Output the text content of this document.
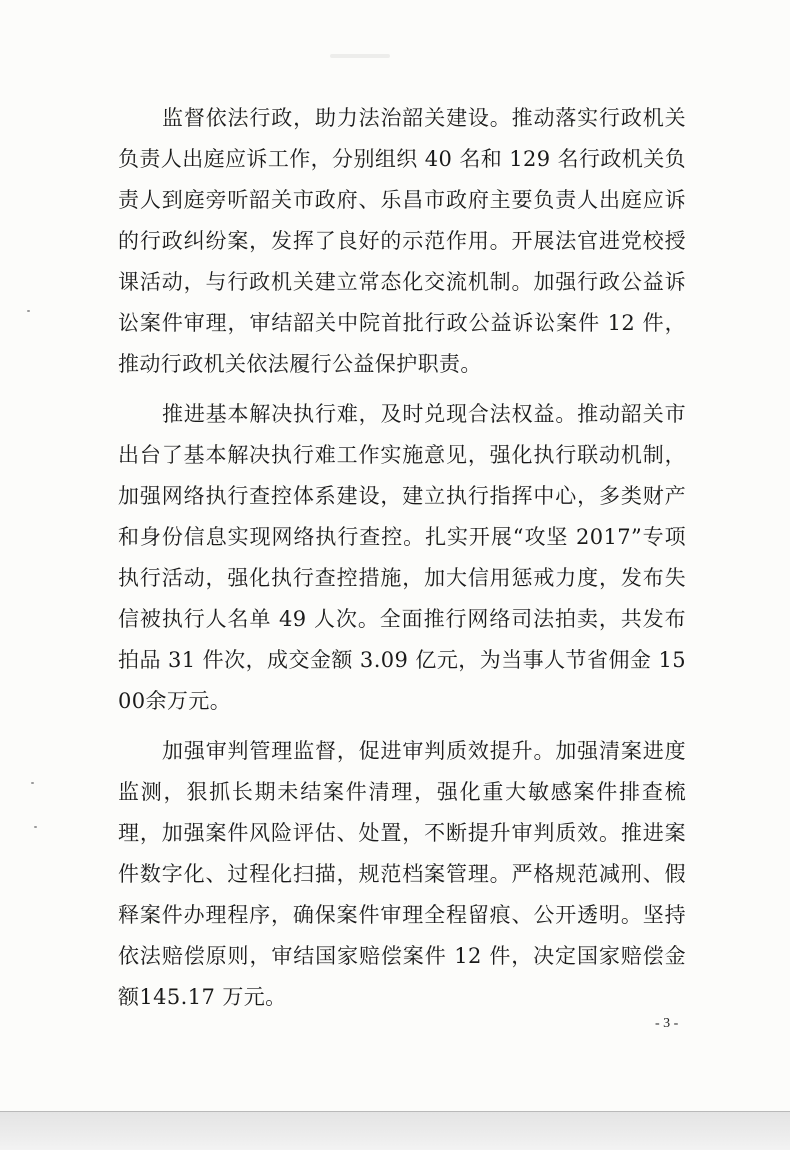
监督依法行政，助力法治韶关建设。推动落实行政机关负责人出庭应诉工作，分别组织 40 名和 129 名行政机关负责人到庭旁听韶关市政府、乐昌市政府主要负责人出庭应诉的行政纠纷案，发挥了良好的示范作用。开展法官进党校授课活动，与行政机关建立常态化交流机制。加强行政公益诉讼案件审理，审结韶关中院首批行政公益诉讼案件 12 件，推动行政机关依法履行公益保护职责。

推进基本解决执行难，及时兑现合法权益。推动韶关市出台了基本解决执行难工作实施意见，强化执行联动机制，加强网络执行查控体系建设，建立执行指挥中心，多类财产和身份信息实现网络执行查控。扎实开展“攻坚 2017”专项执行活动，强化执行查控措施，加大信用惩戒力度，发布失信被执行人名单 49 人次。全面推行网络司法拍卖，共发布拍品 31 件次，成交金额 3.09 亿元，为当事人节省佣金 1500余万元。

加强审判管理监督，促进审判质效提升。加强清案进度监测，狠抓长期未结案件清理，强化重大敏感案件排查梳理，加强案件风险评估、处置，不断提升审判质效。推进案件数字化、过程化扫描，规范档案管理。严格规范减刑、假释案件办理程序，确保案件审理全程留痕、公开透明。坚持依法赔偿原则，审结国家赔偿案件 12 件，决定国家赔偿金额145.17 万元。

- 3 -
